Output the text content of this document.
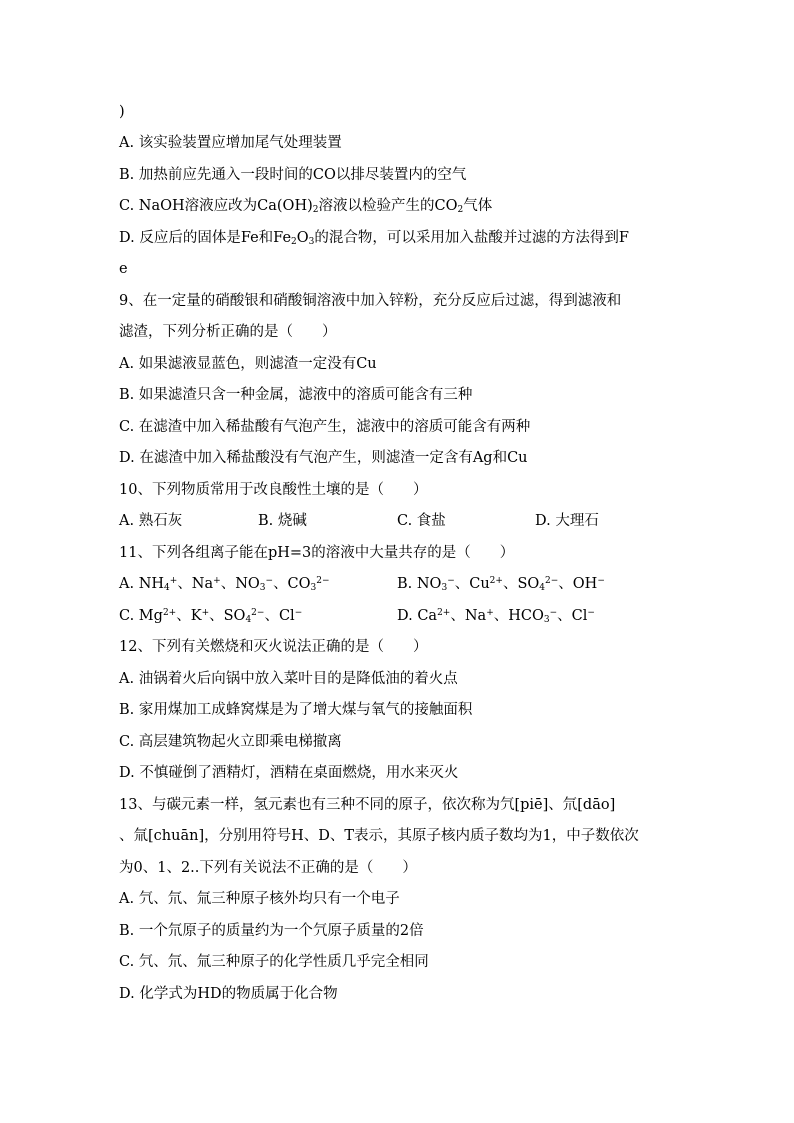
)
A. 该实验装置应增加尾气处理装置
B. 加热前应先通入一段时间的CO以排尽装置内的空气
C. NaOH溶液应改为$Ca(OH)_2$溶液以检验产生的$CO_2$气体
D. 反应后的固体是Fe和$Fe_2O_3$的混合物，可以采用加入盐酸并过滤的方法得到F
e
9、在一定量的硝酸银和硝酸铜溶液中加入锌粉，充分反应后过滤，得到滤液和
滤渣，下列分析正确的是（　　）
A. 如果滤液显蓝色，则滤渣一定没有Cu
B. 如果滤渣只含一种金属，滤液中的溶质可能含有三种
C. 在滤渣中加入稀盐酸有气泡产生，滤液中的溶质可能含有两种
D. 在滤渣中加入稀盐酸没有气泡产生，则滤渣一定含有Ag和Cu
10、下列物质常用于改良酸性土壤的是（　　）
A. 熟石灰	B. 烧碱	C. 食盐	D. 大理石
11、下列各组离子能在pH=3的溶液中大量共存的是（　　）
A. $NH_4^+$、Na+、$NO_3^-$、$CO_3^{2-}$	B. $NO_3^-$、$Cu^{2+}$、$SO_4^{2-}$、OH−
C. $Mg^{2+}$、K+、$SO_4^{2-}$、Cl−	D. $Ca^{2+}$、Na+、$HCO_3^-$、Cl−
12、下列有关燃烧和灭火说法正确的是（　　）
A. 油锅着火后向锅中放入菜叶目的是降低油的着火点
B. 家用煤加工成蜂窝煤是为了增大煤与氧气的接触面积
C. 高层建筑物起火立即乘电梯撤离
D. 不慎碰倒了酒精灯，酒精在桌面燃烧，用水来灭火
13、与碳元素一样，氢元素也有三种不同的原子，依次称为氕[piē]、氘[dāo]
、氚[chuān]，分别用符号H、D、T表示，其原子核内质子数均为1，中子数依次
为0、1、2..下列有关说法不正确的是（　　）
A. 氕、氘、氚三种原子核外均只有一个电子
B. 一个氘原子的质量约为一个氕原子质量的2倍
C. 氕、氘、氚三种原子的化学性质几乎完全相同
D. 化学式为HD的物质属于化合物
